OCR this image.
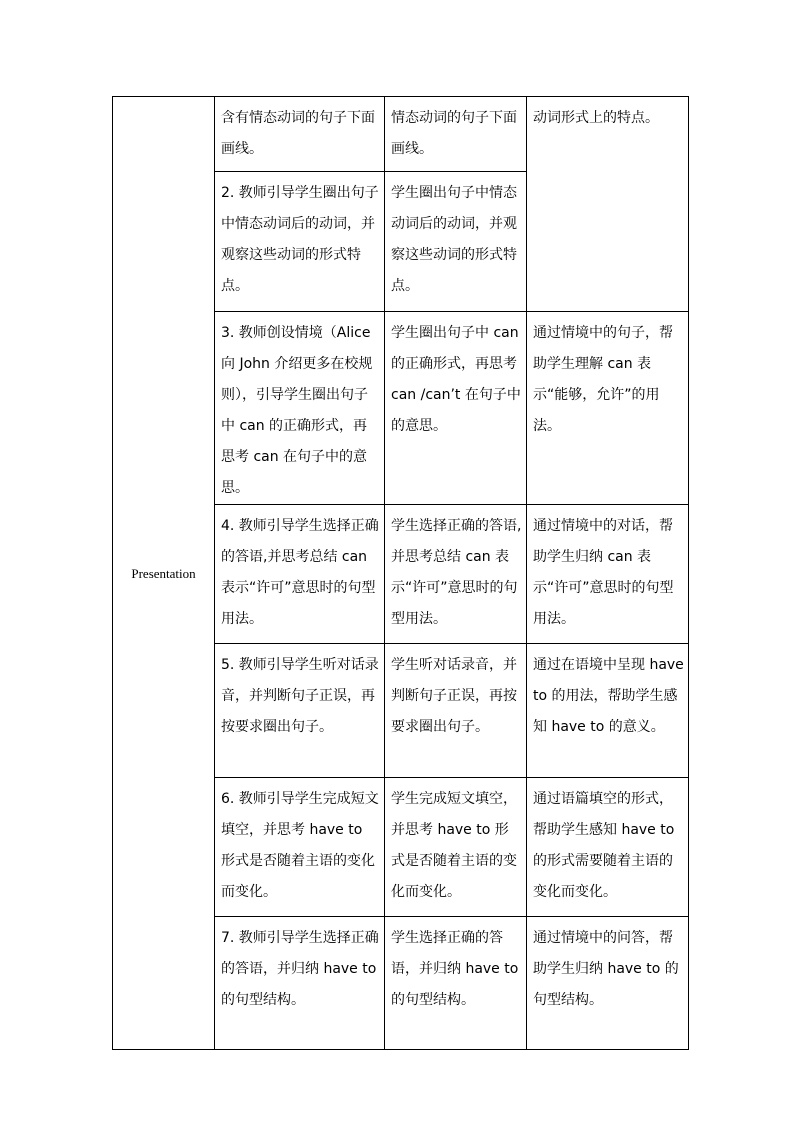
Presentation	含有情态动词的句子下面画线。	情态动词的句子下面画线。	动词形式上的特点。
	2. 教师引导学生圈出句子中情态动词后的动词，并观察这些动词的形式特点。	学生圈出句子中情态动词后的动词，并观察这些动词的形式特点。	
	3. 教师创设情境（Alice向 John 介绍更多在校规则），引导学生圈出句子中 can 的正确形式，再思考 can 在句子中的意思。	学生圈出句子中 can 的正确形式，再思考can /can’t 在句子中的意思。	通过情境中的句子，帮助学生理解 can 表示“能够，允许”的用法。
	4. 教师引导学生选择正确的答语,并思考总结 can表示“许可”意思时的句型用法。	学生选择正确的答语,并思考总结 can 表示“许可”意思时的句型用法。	通过情境中的对话，帮助学生归纳 can 表示“许可”意思时的句型用法。
	5. 教师引导学生听对话录音，并判断句子正误，再按要求圈出句子。	学生听对话录音，并判断句子正误，再按要求圈出句子。	通过在语境中呈现 have to 的用法，帮助学生感知 have to 的意义。
	6. 教师引导学生完成短文填空，并思考 have to 形式是否随着主语的变化而变化。	学生完成短文填空，并思考 have to 形式是否随着主语的变化而变化。	通过语篇填空的形式，帮助学生感知 have to 的形式需要随着主语的变化而变化。
	7. 教师引导学生选择正确的答语，并归纳 have to 的句型结构。	学生选择正确的答语，并归纳 have to 的句型结构。	通过情境中的问答，帮助学生归纳 have to 的句型结构。
